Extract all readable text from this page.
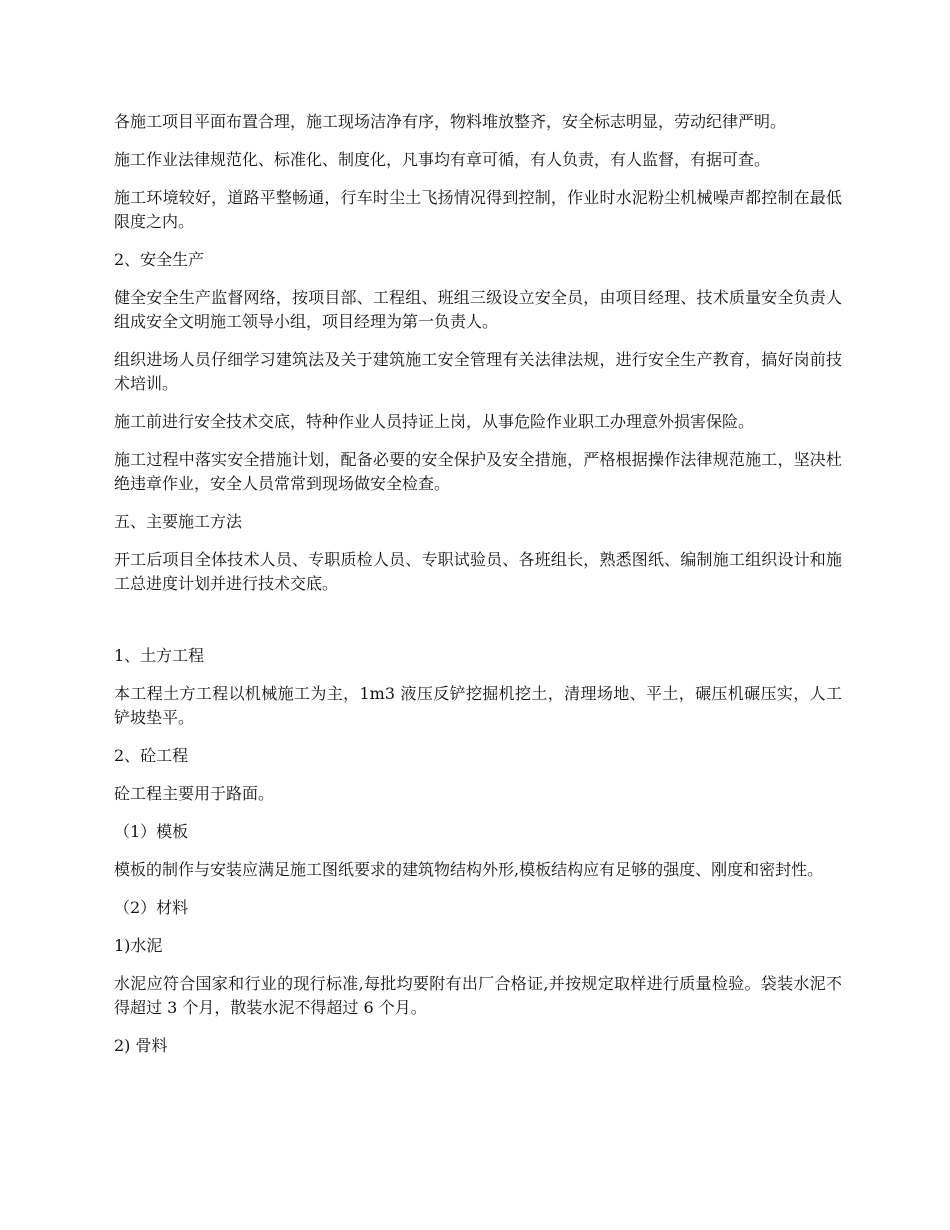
各施工项目平面布置合理，施工现场洁净有序，物料堆放整齐，安全标志明显，劳动纪律严明。

施工作业法律规范化、标准化、制度化，凡事均有章可循，有人负责，有人监督，有据可查。

施工环境较好，道路平整畅通，行车时尘土飞扬情况得到控制，作业时水泥粉尘机械噪声都控制在最低限度之内。

2、安全生产

健全安全生产监督网络，按项目部、工程组、班组三级设立安全员，由项目经理、技术质量安全负责人组成安全文明施工领导小组，项目经理为第一负责人。

组织进场人员仔细学习建筑法及关于建筑施工安全管理有关法律法规，进行安全生产教育，搞好岗前技术培训。

施工前进行安全技术交底，特种作业人员持证上岗，从事危险作业职工办理意外损害保险。

施工过程中落实安全措施计划，配备必要的安全保护及安全措施，严格根据操作法律规范施工，坚决杜绝违章作业，安全人员常常到现场做安全检查。

五、主要施工方法

开工后项目全体技术人员、专职质检人员、专职试验员、各班组长，熟悉图纸、编制施工组织设计和施工总进度计划并进行技术交底。

1、土方工程

本工程土方工程以机械施工为主，1m3 液压反铲挖掘机挖土，清理场地、平土，碾压机碾压实，人工铲坡垫平。

2、砼工程

砼工程主要用于路面。

（1）模板

模板的制作与安装应满足施工图纸要求的建筑物结构外形,模板结构应有足够的强度、刚度和密封性。

（2）材料

1)水泥

水泥应符合国家和行业的现行标准,每批均要附有出厂合格证,并按规定取样进行质量检验。袋装水泥不得超过 3 个月，散装水泥不得超过 6 个月。

2) 骨料
